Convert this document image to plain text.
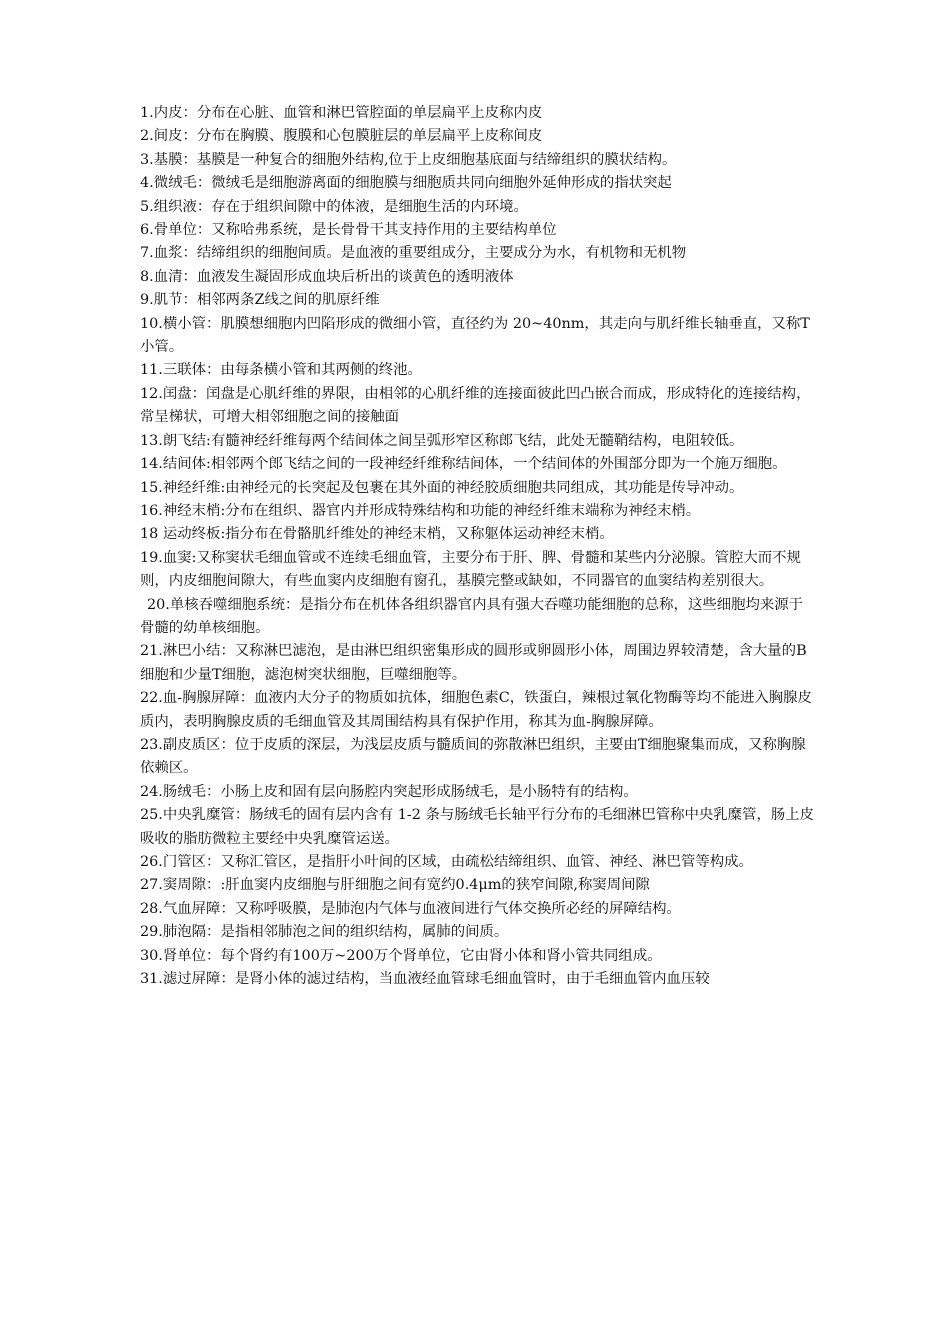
1.内皮：分布在心脏、血管和淋巴管腔面的单层扁平上皮称内皮

2.间皮：分布在胸膜、腹膜和心包膜脏层的单层扁平上皮称间皮

3.基膜：基膜是一种复合的细胞外结构,位于上皮细胞基底面与结缔组织的膜状结构。

4.微绒毛：微绒毛是细胞游离面的细胞膜与细胞质共同向细胞外延伸形成的指状突起

5.组织液：存在于组织间隙中的体液，是细胞生活的内环境。

6.骨单位：又称哈弗系统，是长骨骨干其支持作用的主要结构单位

7.血浆：结缔组织的细胞间质。是血液的重要组成分，主要成分为水，有机物和无机物

8.血清：血液发生凝固形成血块后析出的谈黄色的透明液体

9.肌节：相邻两条Z线之间的肌原纤维

10.横小管：肌膜想细胞内凹陷形成的微细小管，直径约为 20~40nm，其走向与肌纤维长轴垂直，又称T小管。

11.三联体：由每条横小管和其两侧的终池。

12.闰盘：闰盘是心肌纤维的界限，由相邻的心肌纤维的连接面彼此凹凸嵌合而成，形成特化的连接结构，常呈梯状，可增大相邻细胞之间的接触面

13.朗飞结:有髓神经纤维每两个结间体之间呈弧形窄区称郎飞结，此处无髓鞘结构，电阻较低。

14.结间体:相邻两个郎飞结之间的一段神经纤维称结间体，一个结间体的外围部分即为一个施万细胞。

15.神经纤维:由神经元的长突起及包裹在其外面的神经胶质细胞共同组成，其功能是传导冲动。

16.神经末梢:分布在组织、器官内并形成特殊结构和功能的神经纤维末端称为神经末梢。

18 运动终板:指分布在骨骼肌纤维处的神经末梢，又称躯体运动神经末梢。

19.血窦:又称窦状毛细血管或不连续毛细血管，主要分布于肝、脾、骨髓和某些内分泌腺。管腔大而不规则，内皮细胞间隙大，有些血窦内皮细胞有窗孔，基膜完整或缺如，不同器官的血窦结构差别很大。

20.单核吞噬细胞系统：是指分布在机体各组织器官内具有强大吞噬功能细胞的总称，这些细胞均来源于骨髓的幼单核细胞。

21.淋巴小结：又称淋巴滤泡，是由淋巴组织密集形成的圆形或卵圆形小体，周围边界较清楚，含大量的B细胞和少量T细胞，滤泡树突状细胞，巨噬细胞等。

22.血-胸腺屏障：血液内大分子的物质如抗体，细胞色素C，铁蛋白，辣根过氧化物酶等均不能进入胸腺皮质内，表明胸腺皮质的毛细血管及其周围结构具有保护作用，称其为血-胸腺屏障。

23.副皮质区：位于皮质的深层，为浅层皮质与髓质间的弥散淋巴组织，主要由T细胞聚集而成，又称胸腺依赖区。

24.肠绒毛：小肠上皮和固有层向肠腔内突起形成肠绒毛，是小肠特有的结构。

25.中央乳糜管：肠绒毛的固有层内含有 1-2 条与肠绒毛长轴平行分布的毛细淋巴管称中央乳糜管，肠上皮吸收的脂肪微粒主要经中央乳糜管运送。

26.门管区：又称汇管区，是指肝小叶间的区域，由疏松结缔组织、血管、神经、淋巴管等构成。

27.窦周隙：:肝血窦内皮细胞与肝细胞之间有宽约0.4μm的狭窄间隙,称窦周间隙

28.气血屏障：又称呼吸膜，是肺泡内气体与血液间进行气体交换所必经的屏障结构。

29.肺泡隔：是指相邻肺泡之间的组织结构，属肺的间质。

30.肾单位：每个肾约有100万~200万个肾单位，它由肾小体和肾小管共同组成。

31.滤过屏障：是肾小体的滤过结构，当血液经血管球毛细血管时，由于毛细血管内血压较
